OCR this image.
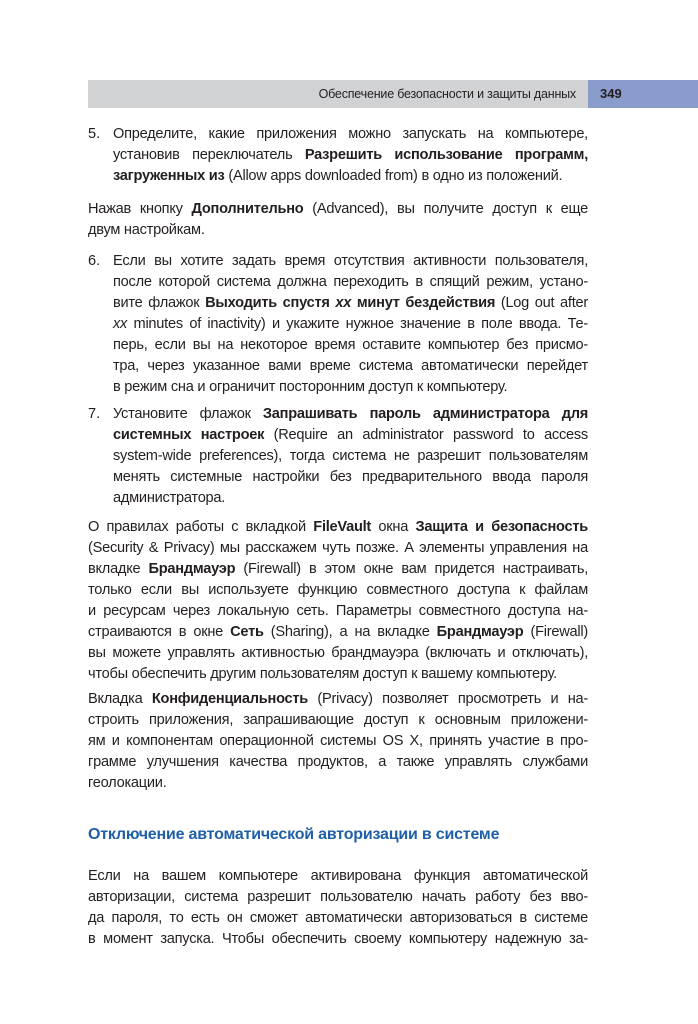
Обеспечение безопасности и защиты данных 349
5. Определите, какие приложения можно запускать на компьютере,
установив переключатель Разрешить использование программ,
загруженных из (Allow apps downloaded from) в одно из положений.
Нажав кнопку Дополнительно (Advanced), вы получите доступ к еще
двум настройкам.
6. Если вы хотите задать время отсутствия активности пользователя,
после которой система должна переходить в спящий режим, устано-
вите флажок Выходить спустя xx минут бездействия (Log out after
xx minutes of inactivity) и укажите нужное значение в поле ввода. Те-
перь, если вы на некоторое время оставите компьютер без присмо-
тра, через указанное вами време система автоматически перейдет
в режим сна и ограничит посторонним доступ к компьютеру.
7. Установите флажок Запрашивать пароль администратора для
системных настроек (Require an administrator password to access
system-wide preferences), тогда система не разрешит пользователям
менять системные настройки без предварительного ввода пароля
администратора.
О правилах работы с вкладкой FileVault окна Защита и безопасность
(Security & Privacy) мы расскажем чуть позже. А элементы управления на
вкладке Брандмауэр (Firewall) в этом окне вам придется настраивать,
только если вы используете функцию совместного доступа к файлам
и ресурсам через локальную сеть. Параметры совместного доступа на-
страиваются в окне Сеть (Sharing), а на вкладке Брандмауэр (Firewall)
вы можете управлять активностью брандмауэра (включать и отключать),
чтобы обеспечить другим пользователям доступ к вашему компьютеру.
Вкладка Конфиденциальность (Privacy) позволяет просмотреть и на-
строить приложения, запрашивающие доступ к основным приложени-
ям и компонентам операционной системы OS X, принять участие в про-
грамме улучшения качества продуктов, а также управлять службами
геолокации.
Отключение автоматической авторизации в системе
Если на вашем компьютере активирована функция автоматической
авторизации, система разрешит пользователю начать работу без вво-
да пароля, то есть он сможет автоматически авторизоваться в системе
в момент запуска. Чтобы обеспечить своему компьютеру надежную за-
